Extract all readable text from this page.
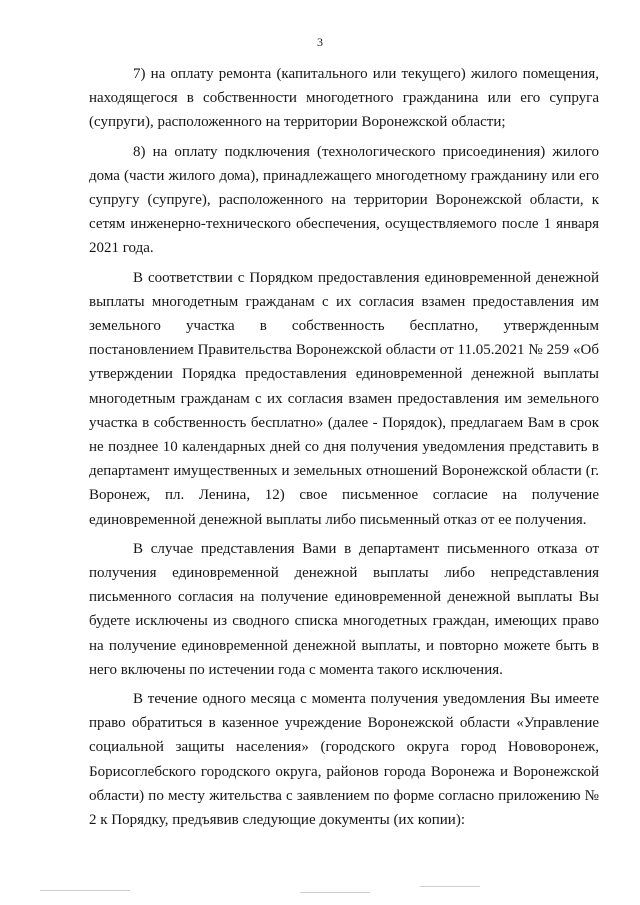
3

7) на оплату ремонта (капитального или текущего) жилого помещения, находящегося в собственности многодетного гражданина или его супруга (супруги), расположенного на территории Воронежской области;

8) на оплату подключения (технологического присоединения) жилого дома (части жилого дома), принадлежащего многодетному гражданину или его супругу (супруге), расположенного на территории Воронежской области, к сетям инженерно-технического обеспечения, осуществляемого после 1 января 2021 года.

В соответствии с Порядком предоставления единовременной денежной выплаты многодетным гражданам с их согласия взамен предоставления им земельного участка в собственность бесплатно, утвержденным постановлением Правительства Воронежской области от 11.05.2021 № 259 «Об утверждении Порядка предоставления единовременной денежной выплаты многодетным гражданам с их согласия взамен предоставления им земельного участка в собственность бесплатно» (далее - Порядок), предлагаем Вам в срок не позднее 10 календарных дней со дня получения уведомления представить в департамент имущественных и земельных отношений Воронежской области (г. Воронеж, пл. Ленина, 12) свое письменное согласие на получение единовременной денежной выплаты либо письменный отказ от ее получения.

В случае представления Вами в департамент письменного отказа от получения единовременной денежной выплаты либо непредставления письменного согласия на получение единовременной денежной выплаты Вы будете исключены из сводного списка многодетных граждан, имеющих право на получение единовременной денежной выплаты, и повторно можете быть в него включены по истечении года с момента такого исключения.

В течение одного месяца с момента получения уведомления Вы имеете право обратиться в казенное учреждение Воронежской области «Управление социальной защиты населения» (городского округа город Нововоронеж, Борисоглебского городского округа, районов города Воронежа и Воронежской области) по месту жительства с заявлением по форме согласно приложению № 2 к Порядку, предъявив следующие документы (их копии):
